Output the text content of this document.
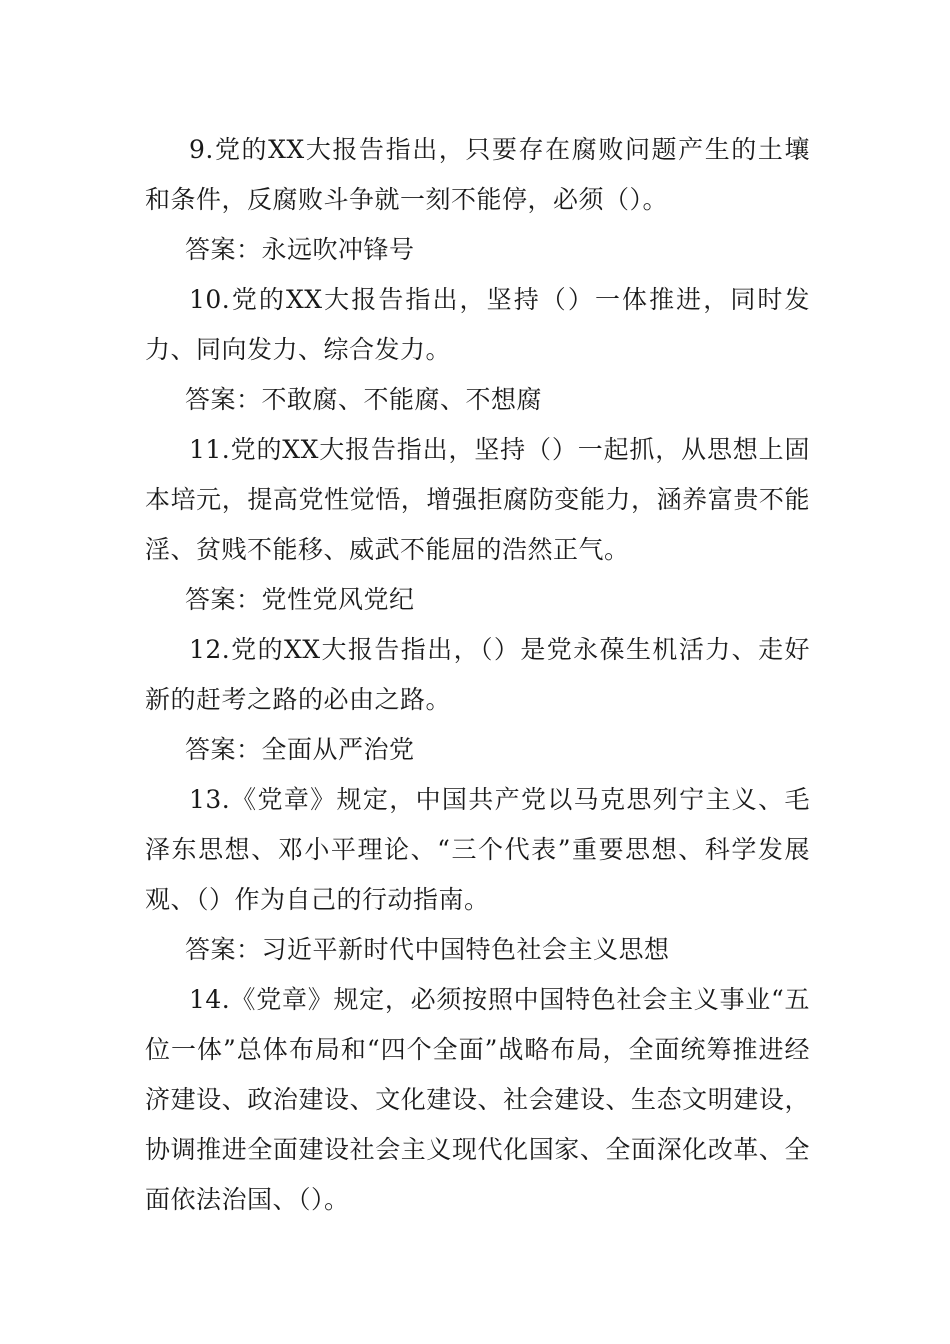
9.党的XX大报告指出，只要存在腐败问题产生的土壤和条件，反腐败斗争就一刻不能停，必须（）。

答案：永远吹冲锋号

10.党的XX大报告指出，坚持（）一体推进，同时发力、同向发力、综合发力。

答案：不敢腐、不能腐、不想腐

11.党的XX大报告指出，坚持（）一起抓，从思想上固本培元，提高党性觉悟，增强拒腐防变能力，涵养富贵不能淫、贫贱不能移、威武不能屈的浩然正气。

答案：党性党风党纪

12.党的XX大报告指出，（）是党永葆生机活力、走好新的赶考之路的必由之路。

答案：全面从严治党

13.《党章》规定，中国共产党以马克思列宁主义、毛泽东思想、邓小平理论、“三个代表”重要思想、科学发展观、（）作为自己的行动指南。

答案：习近平新时代中国特色社会主义思想

14.《党章》规定，必须按照中国特色社会主义事业“五位一体”总体布局和“四个全面”战略布局，全面统筹推进经济建设、政治建设、文化建设、社会建设、生态文明建设，协调推进全面建设社会主义现代化国家、全面深化改革、全面依法治国、（）。
